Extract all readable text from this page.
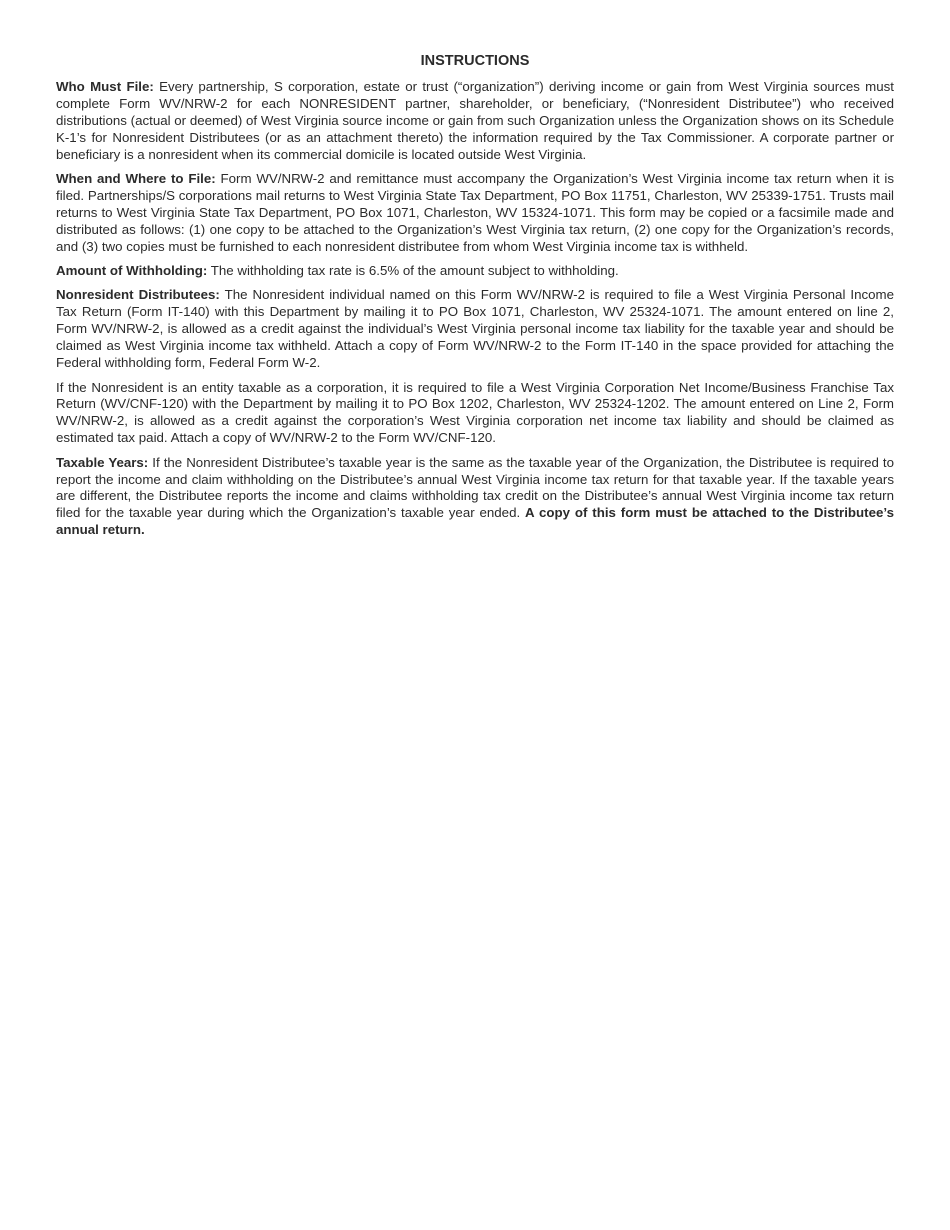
INSTRUCTIONS

Who Must File: Every partnership, S corporation, estate or trust (“organization”) deriving income or gain from West Virginia sources must complete Form WV/NRW-2 for each NONRESIDENT partner, shareholder, or beneficiary, (“Nonresident Distributee”) who received distributions (actual or deemed) of West Virginia source income or gain from such Organization unless the Organization shows on its Schedule K-1’s for Nonresident Distributees (or as an attachment thereto) the information required by the Tax Commissioner. A corporate partner or beneficiary is a nonresident when its commercial domicile is located outside West Virginia.

When and Where to File: Form WV/NRW-2 and remittance must accompany the Organization’s West Virginia income tax return when it is filed. Partnerships/S corporations mail returns to West Virginia State Tax Department, PO Box 11751, Charleston, WV 25339-1751. Trusts mail returns to West Virginia State Tax Department, PO Box 1071, Charleston, WV 15324-1071. This form may be copied or a facsimile made and distributed as follows: (1) one copy to be attached to the Organization’s West Virginia tax return, (2) one copy for the Organization’s records, and (3) two copies must be furnished to each nonresident distributee from whom West Virginia income tax is withheld.

Amount of Withholding: The withholding tax rate is 6.5% of the amount subject to withholding.

Nonresident Distributees: The Nonresident individual named on this Form WV/NRW-2 is required to file a West Virginia Personal Income Tax Return (Form IT-140) with this Department by mailing it to PO Box 1071, Charleston, WV 25324-1071. The amount entered on line 2, Form WV/NRW-2, is allowed as a credit against the individual’s West Virginia personal income tax liability for the taxable year and should be claimed as West Virginia income tax withheld. Attach a copy of Form WV/NRW-2 to the Form IT-140 in the space provided for attaching the Federal withholding form, Federal Form W-2.

If the Nonresident is an entity taxable as a corporation, it is required to file a West Virginia Corporation Net Income/Business Franchise Tax Return (WV/CNF-120) with the Department by mailing it to PO Box 1202, Charleston, WV 25324-1202. The amount entered on Line 2, Form WV/NRW-2, is allowed as a credit against the corporation’s West Virginia corporation net income tax liability and should be claimed as estimated tax paid. Attach a copy of WV/NRW-2 to the Form WV/CNF-120.

Taxable Years: If the Nonresident Distributee’s taxable year is the same as the taxable year of the Organization, the Distributee is required to report the income and claim withholding on the Distributee’s annual West Virginia income tax return for that taxable year. If the taxable years are different, the Distributee reports the income and claims withholding tax credit on the Distributee’s annual West Virginia income tax return filed for the taxable year during which the Organization’s taxable year ended. A copy of this form must be attached to the Distributee’s annual return.
